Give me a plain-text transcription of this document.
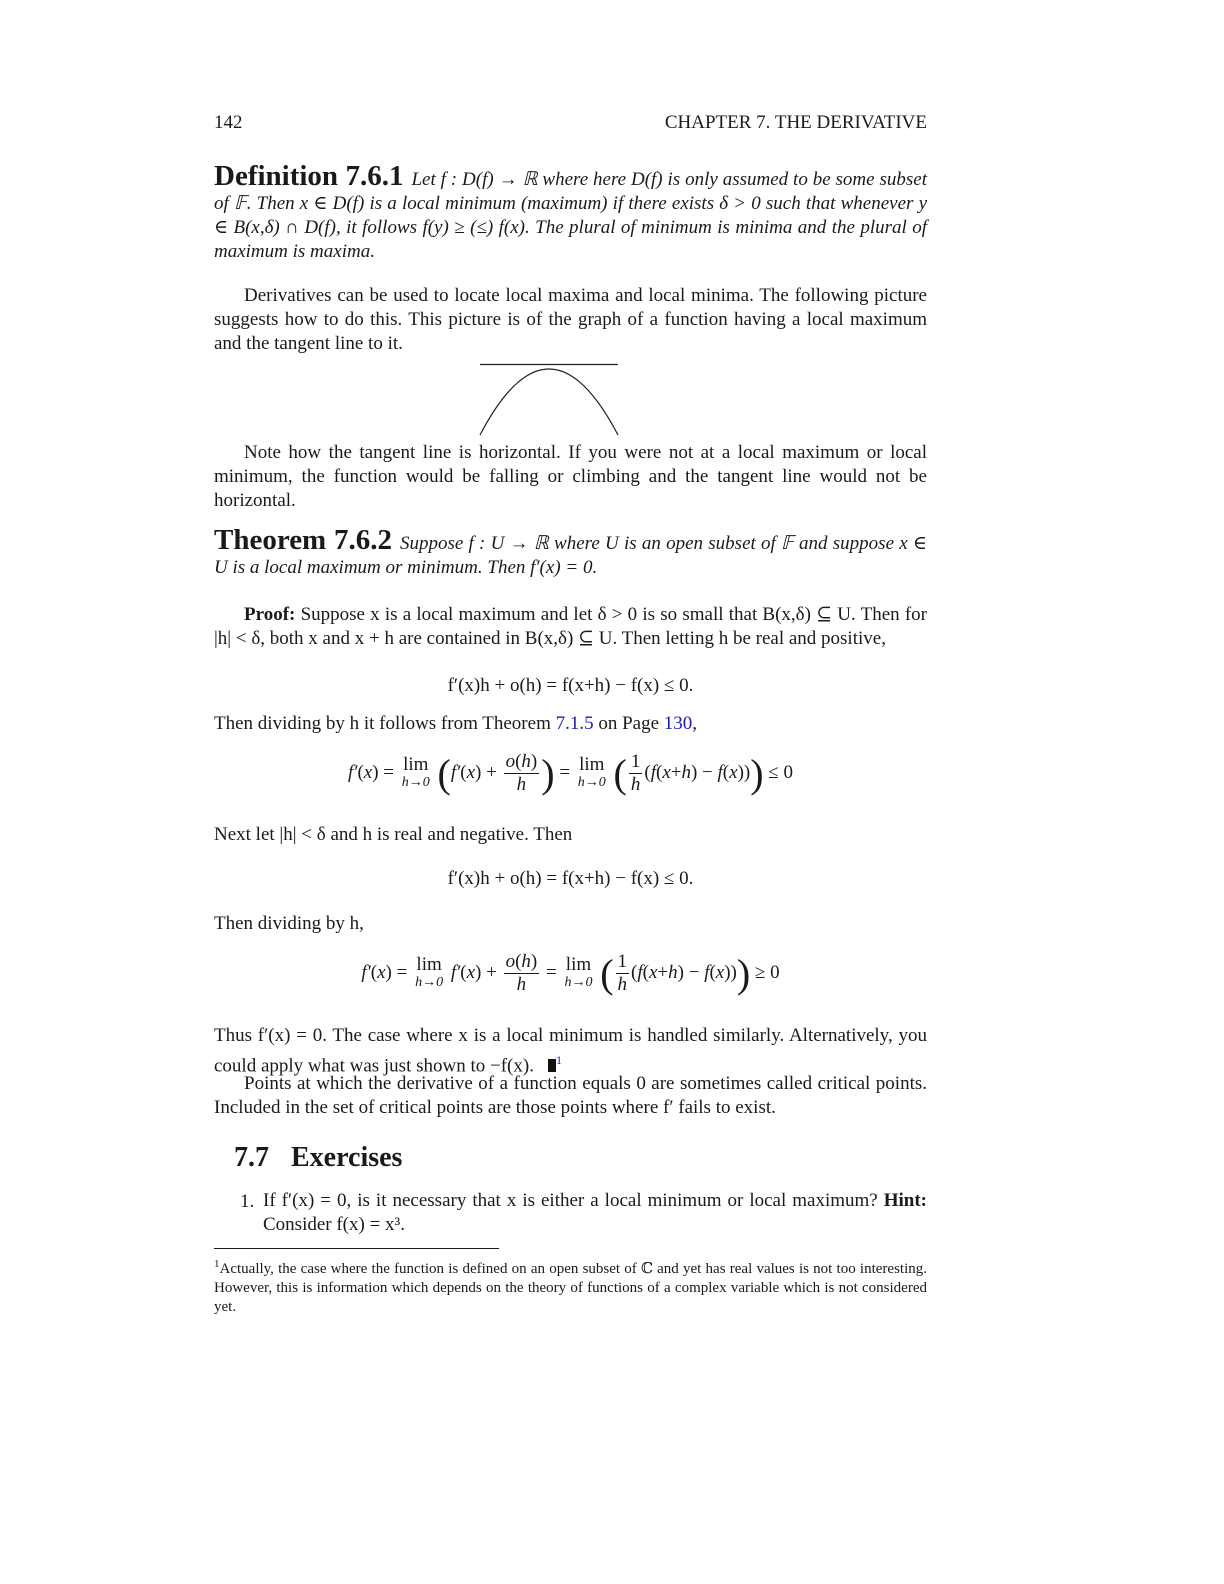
142	CHAPTER 7. THE DERIVATIVE
Definition 7.6.1 Let f : D(f) → ℝ where here D(f) is only assumed to be some subset of 𝔽. Then x ∈ D(f) is a local minimum (maximum) if there exists δ > 0 such that whenever y ∈ B(x,δ) ∩ D(f), it follows f(y) ≥ (≤) f(x). The plural of minimum is minima and the plural of maximum is maxima.
Derivatives can be used to locate local maxima and local minima. The following picture suggests how to do this. This picture is of the graph of a function having a local maximum and the tangent line to it.
Note how the tangent line is horizontal. If you were not at a local maximum or local minimum, the function would be falling or climbing and the tangent line would not be horizontal.
Theorem 7.6.2 Suppose f : U → ℝ where U is an open subset of 𝔽 and suppose x ∈ U is a local maximum or minimum. Then f′(x) = 0.
Proof: Suppose x is a local maximum and let δ > 0 is so small that B(x,δ) ⊆ U. Then for |h| < δ, both x and x + h are contained in B(x,δ) ⊆ U. Then letting h be real and positive,
f′(x)h + o(h) = f(x+h) − f(x) ≤ 0.
Then dividing by h it follows from Theorem 7.1.5 on Page 130,
f′(x) = lim
h→0 ($f'(x) + \frac{o(h)}{h}$ ) = lim
h→0 ( $\frac{1}{h} (f(x+h) - f(x))) \le 0$
Next let |h| < δ and h is real and negative. Then
f′(x)h + o(h) = f(x+h) − f(x) ≤ 0.
Then dividing by h,
f′(x) = lim
h→0 $f'(x) + \frac{o(h)}{h} = \lim$
h→0 ( $\frac{1}{h} (f(x+h) - f(x))) \ge 0$
Thus f′(x) = 0. The case where x is a local minimum is handled similarly. Alternatively, you could apply what was just shown to −f(x). $^1$
Points at which the derivative of a function equals 0 are sometimes called critical points. Included in the set of critical points are those points where f′ fails to exist.
7.7 Exercises
1. If f′(x) = 0, is it necessary that x is either a local minimum or local maximum? Hint: Consider f(x) = x³.
$^1$Actually, the case where the function is defined on an open subset of ℂ and yet has real values is not too interesting. However, this is information which depends on the theory of functions of a complex variable which is not considered yet.
